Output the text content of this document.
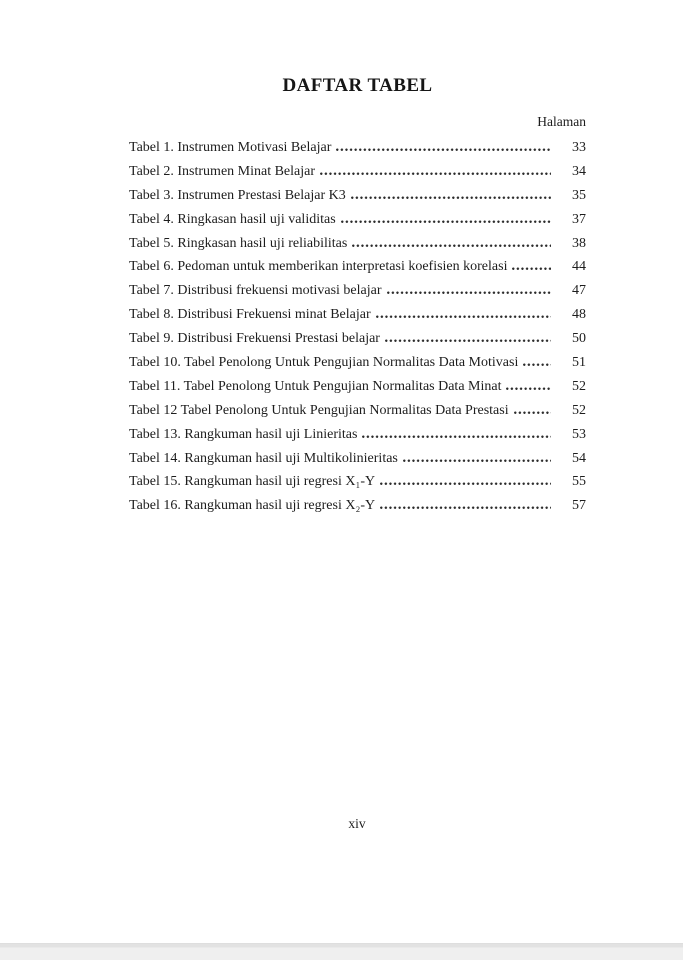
DAFTAR TABEL
Halaman
Tabel 1. Instrumen Motivasi Belajar	33
Tabel 2. Instrumen Minat Belajar	34
Tabel 3. Instrumen Prestasi Belajar K3	35
Tabel 4. Ringkasan hasil uji validitas	37
Tabel 5. Ringkasan hasil uji reliabilitas	38
Tabel 6. Pedoman untuk memberikan interpretasi koefisien korelasi	44
Tabel 7. Distribusi frekuensi motivasi belajar	47
Tabel 8. Distribusi Frekuensi minat Belajar	48
Tabel 9. Distribusi Frekuensi Prestasi belajar	50
Tabel 10. Tabel Penolong Untuk Pengujian Normalitas Data Motivasi	51
Tabel 11. Tabel Penolong Untuk Pengujian Normalitas Data Minat	52
Tabel 12 Tabel Penolong Untuk Pengujian Normalitas Data Prestasi	52
Tabel 13. Rangkuman hasil uji Linieritas	53
Tabel 14. Rangkuman hasil uji Multikolinieritas	54
Tabel 15. Rangkuman hasil uji regresi X₁-Y	55
Tabel 16. Rangkuman hasil uji regresi X₂-Y	57
xiv
